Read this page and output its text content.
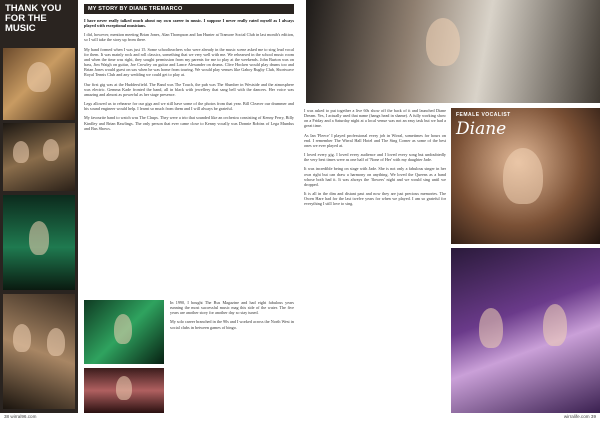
THANK YOU FOR THE MUSIC
MY STORY BY DIANE TREMARCO

I have never really talked much about my own career in music. I suppose I never really rated myself as I always played with exceptional musicians.

I did, however, mention meeting Brian Jones, Alan Thompson and Ian Hunter at Tramore Social Club in last month's edition, so I will take the story up from there.

My band formed when I was just 15. Some schoolteachers who were already in the music scene asked me to sing lead vocal for them. It was mainly rock and roll classics, something that we very well with me. We rehearsed in the school music room and when the time was right, they sought permission from my parents for me to play at the weekends. John Burton was on bass, Jim Waigh on guitar, Joe Crowley on guitar and Lance Alexander on drums. Clive Hocken would play drums too and Brian Jones would guest on sax when he was home from touring. We would play venues like Gaboy Rugby Club, Shortwave Royal Tennis Club and any wedding we could get to play at.

Our first gig was at the Huddersfield. The Band was The Touch, the pub was The Slumber in Westside and the atmosphere was electric. Gemma Kade fronted the band, all in black with jewellery that sang bell with the dancers. Her voice was amazing and almost as powerful as her stage presence.

Legs allowed us to rehearse for our gigs and we still have some of the photos from that year. Bill Cleaver our drummer and his sound engineer would help. I learnt so much from them and I will always be grateful.

My favourite band to watch was The Clasps. They were a trio that sounded like an orchestra consisting of Kenny Ferry, Billy Kindley and Brian Rawlings. The only person that ever came close to Kenny vocally was Donnie Robins of Lega Mundus and Bus Shows.

I was asked to put together a live 60s show off the back of it and launched Diane Dream. Yes, I actually used that name (hangs head in shame). A fully working show on a Friday and a Saturday night at a local venue was not an easy task but we had a great time.

As Ian 'Fleece' I played professional every job in Wirral, sometimes for hours on end. I remember The Wirral Hall Hotel and The Sing Corner as some of the best ones we ever played at.

I loved every gig. I loved every audience and I loved every song but undoubtedly the very best times were as one half of 'None of Her' with my daughter Jade.

It was incredible being on stage with Jade. She is not only a fabulous singer in her own right but can draw a harmony on anything. We loved the Queens as a band whose both had it. It was always the 'flowers' night and we would sing until we dropped.

It is all in the dim and distant past and now they are just precious memories. The Owen Hare had for the last twelve years for when we played. I am so grateful for everything I still love to sing.

FEMALE VOCALIST
Diane

In 1990, I bought The Bus Magazine and had eight fabulous years running the most successful music mag this side of the water. The five years are another story for another day so stay tuned.

My solo career branched in the 90s and I worked across the North West in social clubs in between games of bingo.

38 wirral96.com	wirralife.com 39
